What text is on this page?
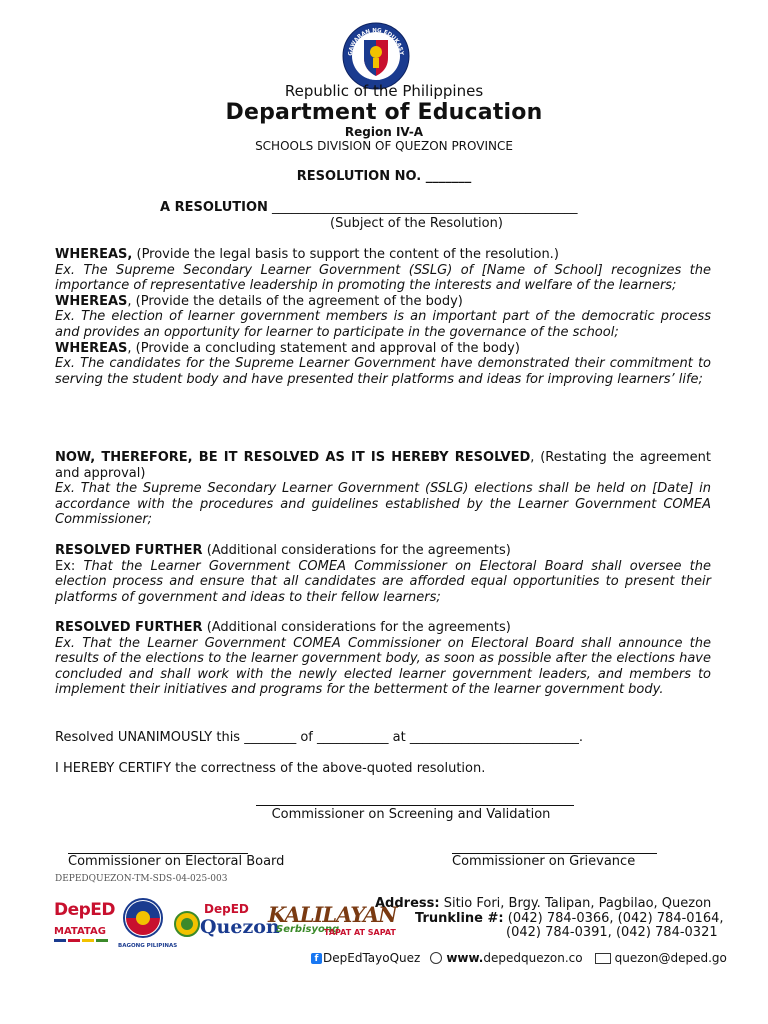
GAWARAN NG EDUKASY
REPUBLIKA NG PILIPINAS
Republic of the Philippines
Department of Education
Region IV-A
SCHOOLS DIVISION OF QUEZON PROVINCE
RESOLUTION NO. _______
A RESOLUTION _______________________________________________
(Subject of the Resolution)
WHEREAS, (Provide the legal basis to support the content of the resolution.)
Ex. The Supreme Secondary Learner Government (SSLG) of [Name of School] recognizes the importance of representative leadership in promoting the interests and welfare of the learners;
WHEREAS, (Provide the details of the agreement of the body)
Ex. The election of learner government members is an important part of the democratic process and provides an opportunity for learner to participate in the governance of the school;
WHEREAS, (Provide a concluding statement and approval of the body)
Ex. The candidates for the Supreme Learner Government have demonstrated their commitment to serving the student body and have presented their platforms and ideas for improving learners’ life;
NOW, THEREFORE, BE IT RESOLVED AS IT IS HEREBY RESOLVED, (Restating the agreement and approval)
Ex. That the Supreme Secondary Learner Government (SSLG) elections shall be held on [Date] in accordance with the procedures and guidelines established by the Learner Government COMEA Commissioner;
RESOLVED FURTHER (Additional considerations for the agreements)
Ex: That the Learner Government COMEA Commissioner on Electoral Board shall oversee the election process and ensure that all candidates are afforded equal opportunities to present their platforms of government and ideas to their fellow learners;
RESOLVED FURTHER (Additional considerations for the agreements)
Ex. That the Learner Government COMEA Commissioner on Electoral Board shall announce the results of the elections to the learner government body, as soon as possible after the elections have concluded and shall work with the newly elected learner government leaders, and members to implement their initiatives and programs for the betterment of the learner government body.
Resolved UNANIMOUSLY this ________ of ___________ at __________________________.
I HEREBY CERTIFY the correctness of the above-quoted resolution.
Commissioner on Screening and Validation
Commissioner on Electoral Board	Commissioner on Grievance
DEPEDQUEZON-TM-SDS-04-025-003
DepED
MATATAG
BAGONG PILIPINAS
DepED
Quezon
KALILAYAN
Serbisyong
TAPAT AT SAPAT
Address: Sitio Fori, Brgy. Talipan, Pagbilao, Quezon
Trunkline #: (042) 784-0366, (042) 784-0164,
(042) 784-0391, (042) 784-0321
f DepEdTayoQuez www.depedquezon.co	quezon@deped.go
